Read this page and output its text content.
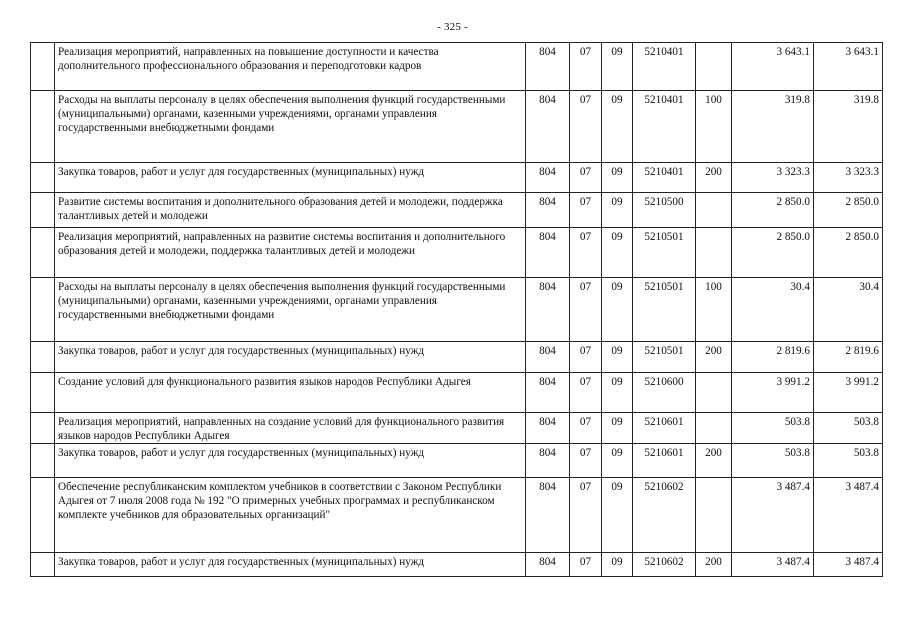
- 325 -
	Реализация мероприятий, направленных на повышение доступности и качества дополнительного профессионального образования и переподготовки кадров	804	07	09	5210401		3 643.1	3 643.1
	Расходы на выплаты персоналу в целях обеспечения выполнения функций государственными (муниципальными) органами, казенными учреждениями, органами управления государственными внебюджетными фондами	804	07	09	5210401	100	319.8	319.8
	Закупка товаров, работ и услуг для государственных (муниципальных) нужд	804	07	09	5210401	200	3 323.3	3 323.3
	Развитие системы воспитания и дополнительного образования детей и молодежи, поддержка талантливых детей и молодежи	804	07	09	5210500		2 850.0	2 850.0
	Реализация мероприятий, направленных на развитие системы воспитания и дополнительного образования детей и молодежи, поддержка талантливых детей и молодежи	804	07	09	5210501		2 850.0	2 850.0
	Расходы на выплаты персоналу в целях обеспечения выполнения функций государственными (муниципальными) органами, казенными учреждениями, органами управления государственными внебюджетными фондами	804	07	09	5210501	100	30.4	30.4
	Закупка товаров, работ и услуг для государственных (муниципальных) нужд	804	07	09	5210501	200	2 819.6	2 819.6
	Создание условий для функционального развития языков народов Республики Адыгея	804	07	09	5210600		3 991.2	3 991.2
	Реализация мероприятий, направленных на создание условий для функционального развития языков народов Республики Адыгея	804	07	09	5210601		503.8	503.8
	Закупка товаров, работ и услуг для государственных (муниципальных) нужд	804	07	09	5210601	200	503.8	503.8
	Обеспечение республиканским комплектом учебников в соответствии с Законом Республики Адыгея от 7 июля 2008 года № 192 "О примерных учебных программах и республиканском комплекте учебников для образовательных организаций"	804	07	09	5210602		3 487.4	3 487.4
	Закупка товаров, работ и услуг для государственных (муниципальных) нужд	804	07	09	5210602	200	3 487.4	3 487.4
